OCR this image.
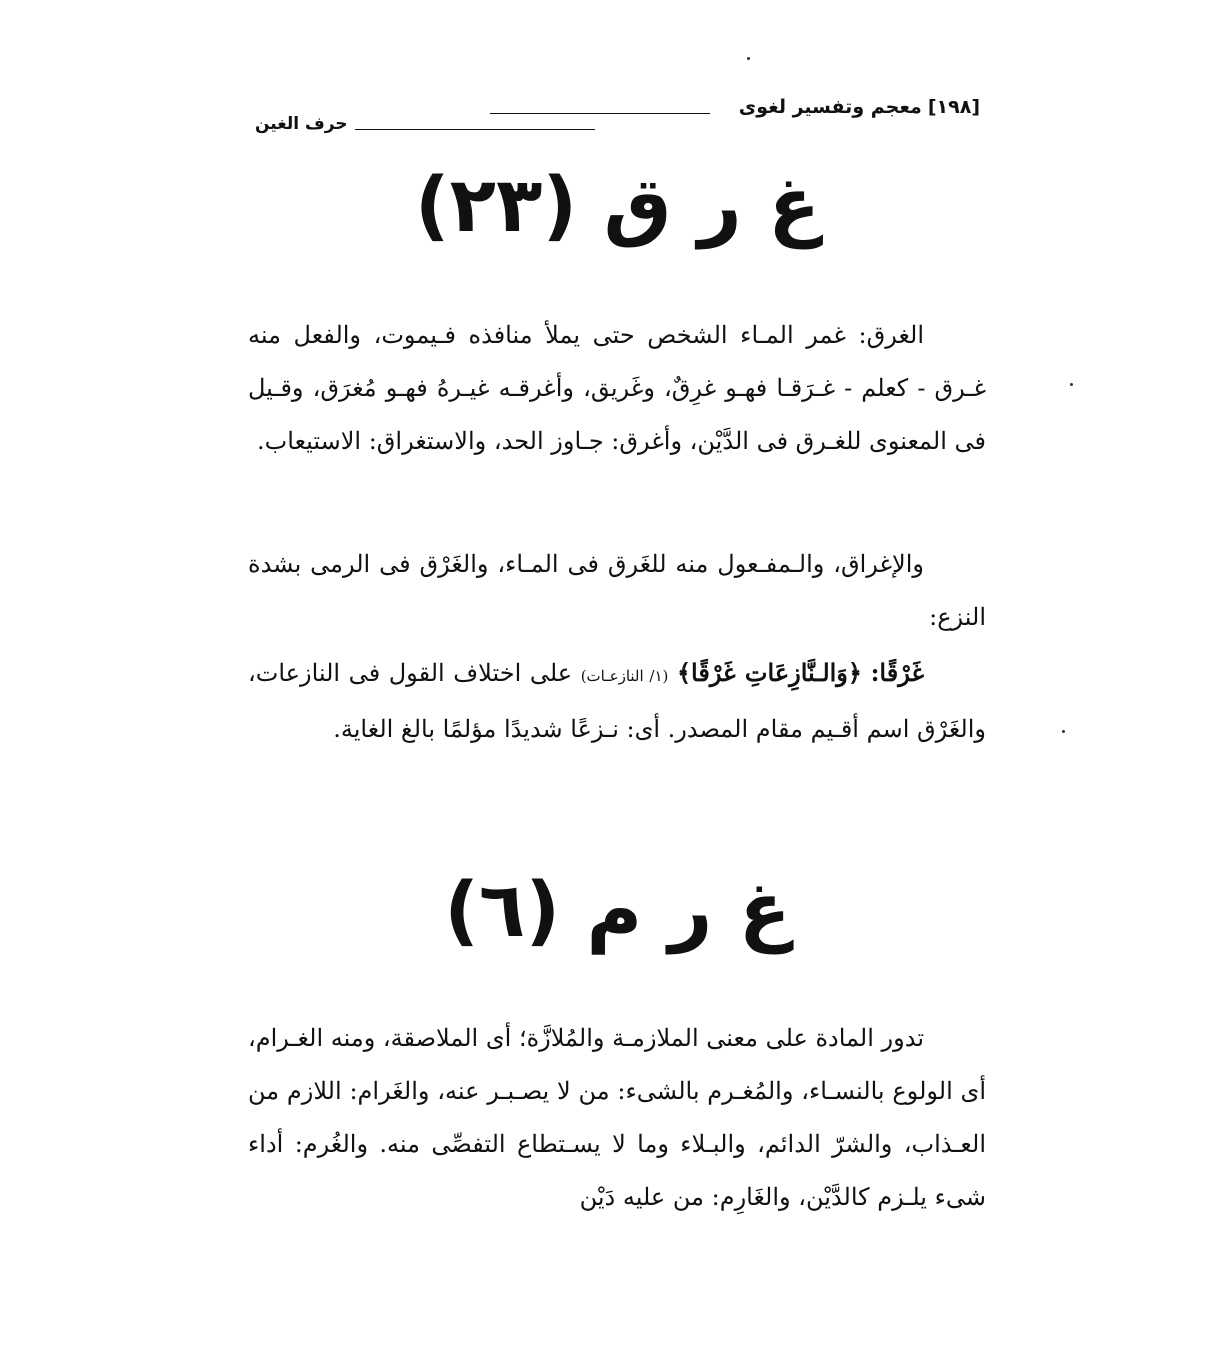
[١٩٨]
معجم وتفسير لغوى
حرف الغين
غ ر ق (٢٣)

الغرق: غمر المـاء الشخص حتى يملأ منافذه فـيموت، والفعل منه غـرق - كعلم - غـرَقـا فهـو غرِقٌ، وغَريق، وأغرقـه غيـرهُ فهـو مُغرَق، وقـيل فى المعنوى للغـرق فى الدَّيْن، وأغرق: جـاوز الحد، والاستغراق: الاستيعاب.

والإغراق، والـمفـعول منه للغَرق فى المـاء، والغَرْق فى الرمى بشدة النزع:

غَرْقًا: ﴿وَالـنَّازِعَاتِ غَرْقًا﴾ (١/ النازعـات) على اختلاف القول فى النازعات، والغَرْق اسم أقـيم مقام المصدر. أى: نـزعًا شديدًا مؤلمًا بالغ الغاية.

غ ر م (٦)

تدور المادة على معنى الملازمـة والمُلازَّة؛ أى الملاصقة، ومنه الغـرام، أى الولوع بالنسـاء، والمُغـرم بالشىء: من لا يصـبـر عنه، والغَرام: اللازم من العـذاب، والشرّ الدائم، والبـلاء وما لا يسـتطاع التفصِّى منه. والغُرم: أداء شىء يلـزم كالدَّيْن، والغَارِم: من عليه دَيْن
